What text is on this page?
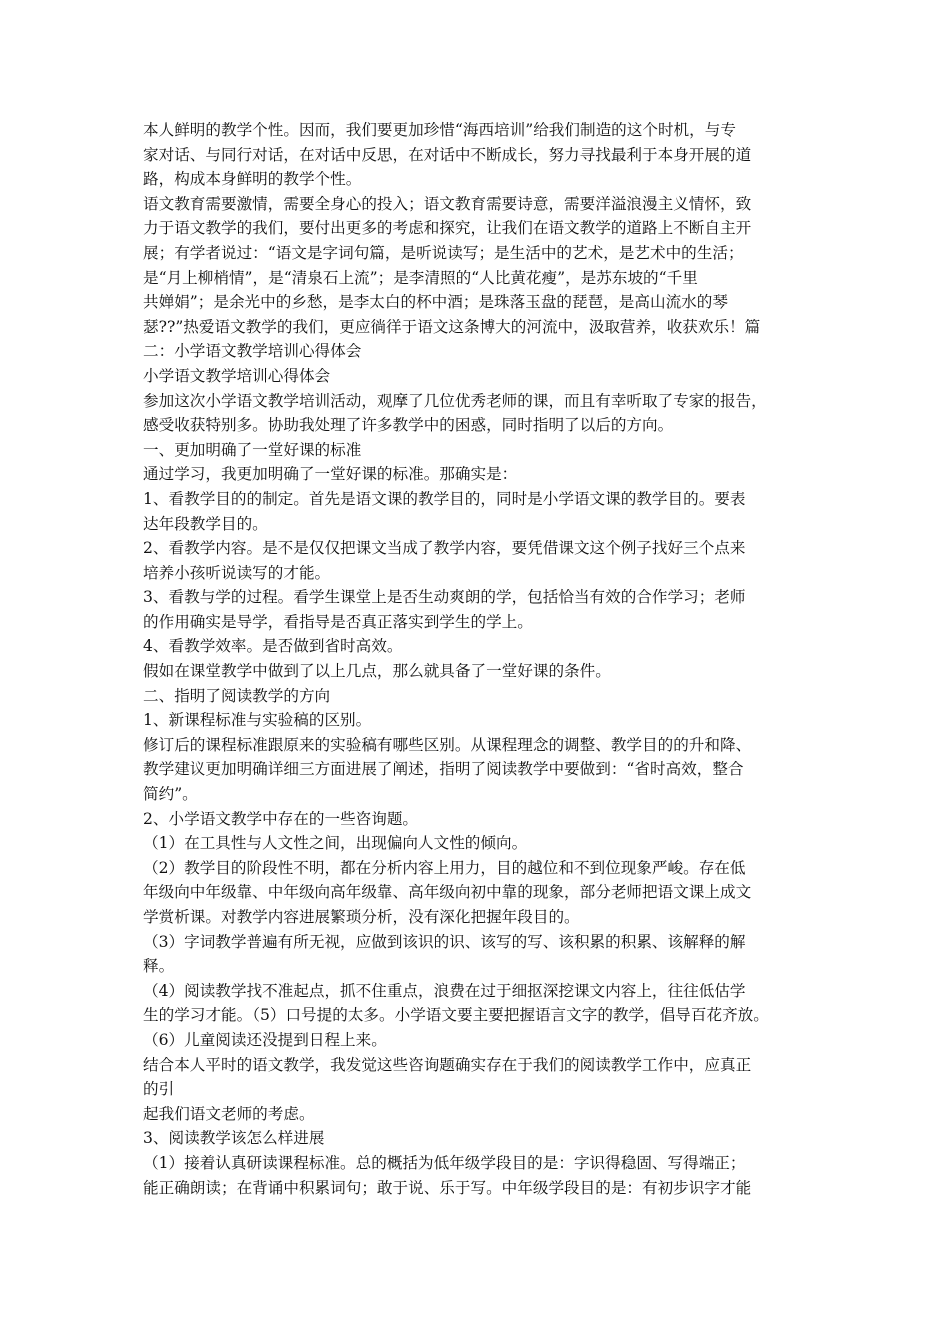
本人鲜明的教学个性。因而，我们要更加珍惜“海西培训”给我们制造的这个时机，与专
家对话、与同行对话，在对话中反思，在对话中不断成长，努力寻找最利于本身开展的道
路，构成本身鲜明的教学个性。
语文教育需要激情，需要全身心的投入；语文教育需要诗意，需要洋溢浪漫主义情怀，致
力于语文教学的我们，要付出更多的考虑和探究，让我们在语文教学的道路上不断自主开
展；有学者说过：“语文是字词句篇，是听说读写；是生活中的艺术，是艺术中的生活；
是“月上柳梢情”，是“清泉石上流”；是李清照的“人比黄花瘦”，是苏东坡的“千里
共婵娟”；是余光中的乡愁，是李太白的杯中酒；是珠落玉盘的琵琶，是高山流水的琴
瑟??”热爱语文教学的我们，更应徜徉于语文这条博大的河流中，汲取营养，收获欢乐！篇
二：小学语文教学培训心得体会
小学语文教学培训心得体会
参加这次小学语文教学培训活动，观摩了几位优秀老师的课，而且有幸听取了专家的报告，
感受收获特别多。协助我处理了许多教学中的困惑，同时指明了以后的方向。
一、更加明确了一堂好课的标准
通过学习，我更加明确了一堂好课的标准。那确实是：
1、看教学目的的制定。首先是语文课的教学目的，同时是小学语文课的教学目的。要表
达年段教学目的。
2、看教学内容。是不是仅仅把课文当成了教学内容，要凭借课文这个例子找好三个点来
培养小孩听说读写的才能。
3、看教与学的过程。看学生课堂上是否生动爽朗的学，包括恰当有效的合作学习；老师
的作用确实是导学，看指导是否真正落实到学生的学上。
4、看教学效率。是否做到省时高效。
假如在课堂教学中做到了以上几点，那么就具备了一堂好课的条件。
二、指明了阅读教学的方向
1、新课程标准与实验稿的区别。
修订后的课程标准跟原来的实验稿有哪些区别。从课程理念的调整、教学目的的升和降、
教学建议更加明确详细三方面进展了阐述，指明了阅读教学中要做到：“省时高效，整合
简约”。
2、小学语文教学中存在的一些咨询题。
（1）在工具性与人文性之间，出现偏向人文性的倾向。
（2）教学目的阶段性不明，都在分析内容上用力，目的越位和不到位现象严峻。存在低
年级向中年级靠、中年级向高年级靠、高年级向初中靠的现象，部分老师把语文课上成文
学赏析课。对教学内容进展繁琐分析，没有深化把握年段目的。
（3）字词教学普遍有所无视，应做到该识的识、该写的写、该积累的积累、该解释的解
释。
（4）阅读教学找不准起点，抓不住重点，浪费在过于细抠深挖课文内容上，往往低估学
生的学习才能。（5）口号提的太多。小学语文要主要把握语言文字的教学，倡导百花齐放。
（6）儿童阅读还没提到日程上来。
结合本人平时的语文教学，我发觉这些咨询题确实存在于我们的阅读教学工作中，应真正
的引
起我们语文老师的考虑。
3、阅读教学该怎么样进展
（1）接着认真研读课程标准。总的概括为低年级学段目的是：字识得稳固、写得端正；
能正确朗读；在背诵中积累词句；敢于说、乐于写。中年级学段目的是：有初步识字才能
